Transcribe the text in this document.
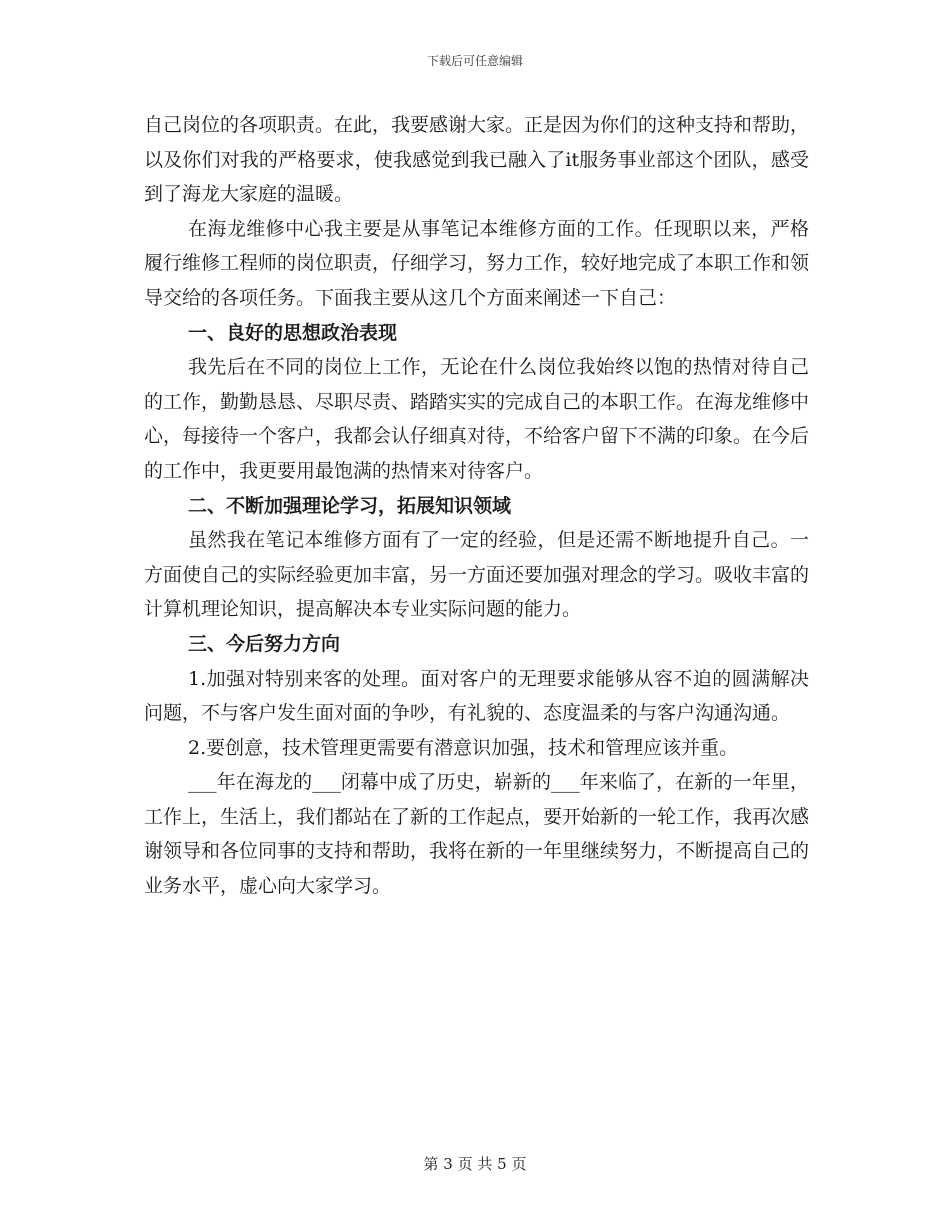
下载后可任意编辑

自己岗位的各项职责。在此，我要感谢大家。正是因为你们的这种支持和帮助，以及你们对我的严格要求，使我感觉到我已融入了it服务事业部这个团队，感受到了海龙大家庭的温暖。

在海龙维修中心我主要是从事笔记本维修方面的工作。任现职以来，严格履行维修工程师的岗位职责，仔细学习，努力工作，较好地完成了本职工作和领导交给的各项任务。下面我主要从这几个方面来阐述一下自己：

一、良好的思想政治表现

我先后在不同的岗位上工作，无论在什么岗位我始终以饱的热情对待自己的工作，勤勤恳恳、尽职尽责、踏踏实实的完成自己的本职工作。在海龙维修中心，每接待一个客户，我都会认仔细真对待，不给客户留下不满的印象。在今后的工作中，我更要用最饱满的热情来对待客户。

二、不断加强理论学习，拓展知识领域

虽然我在笔记本维修方面有了一定的经验，但是还需不断地提升自己。一方面使自己的实际经验更加丰富，另一方面还要加强对理念的学习。吸收丰富的计算机理论知识，提高解决本专业实际问题的能力。

三、今后努力方向

1.加强对特别来客的处理。面对客户的无理要求能够从容不迫的圆满解决问题，不与客户发生面对面的争吵，有礼貌的、态度温柔的与客户沟通沟通。

2.要创意，技术管理更需要有潜意识加强，技术和管理应该并重。

___年在海龙的___闭幕中成了历史，崭新的___年来临了，在新的一年里，工作上，生活上，我们都站在了新的工作起点，要开始新的一轮工作，我再次感谢领导和各位同事的支持和帮助，我将在新的一年里继续努力，不断提高自己的业务水平，虚心向大家学习。

第 3 页 共 5 页
